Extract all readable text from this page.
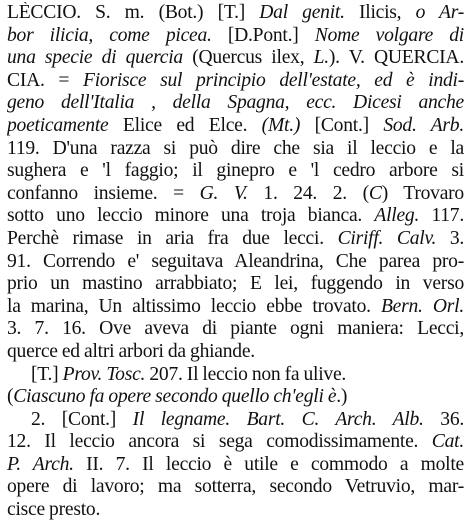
LÈCCIO. S. m. (Bot.) [T.] Dal genit. Ilicis, o Ar-
bor ilicia, come picea. [D.Pont.] Nome volgare di
una specie di quercia (Quercus ilex, L.). V. QUERCIA.
CIA. = Fiorisce sul principio dell'estate, ed è indi-
geno dell'Italia , della Spagna, ecc. Dicesi anche
poeticamente Elice ed Elce. (Mt.) [Cont.] Sod. Arb.
119. D'una razza si può dire che sia il leccio e la
sughera e 'l faggio; il ginepro e 'l cedro arbore si
confanno insieme. = G. V. 1. 24. 2. (C) Trovaro
sotto uno leccio minore una troja bianca. Alleg. 117.
Perchè rimase in aria fra due lecci. Ciriff. Calv. 3.
91. Correndo e' seguitava Aleandrina, Che parea pro-
prio un mastino arrabbiato; E lei, fuggendo in verso
la marina, Un altissimo leccio ebbe trovato. Bern. Orl.
3. 7. 16. Ove aveva di piante ogni maniera: Lecci,
querce ed altri arbori da ghiande.
[T.] Prov. Tosc. 207. Il leccio non fa ulive.
(Ciascuno fa opere secondo quello ch'egli è.)
2. [Cont.] Il legname. Bart. C. Arch. Alb. 36.
12. Il leccio ancora si sega comodissimamente. Cat.
P. Arch. II. 7. Il leccio è utile e commodo a molte
opere di lavoro; ma sotterra, secondo Vetruvio, mar-
cisce presto.
